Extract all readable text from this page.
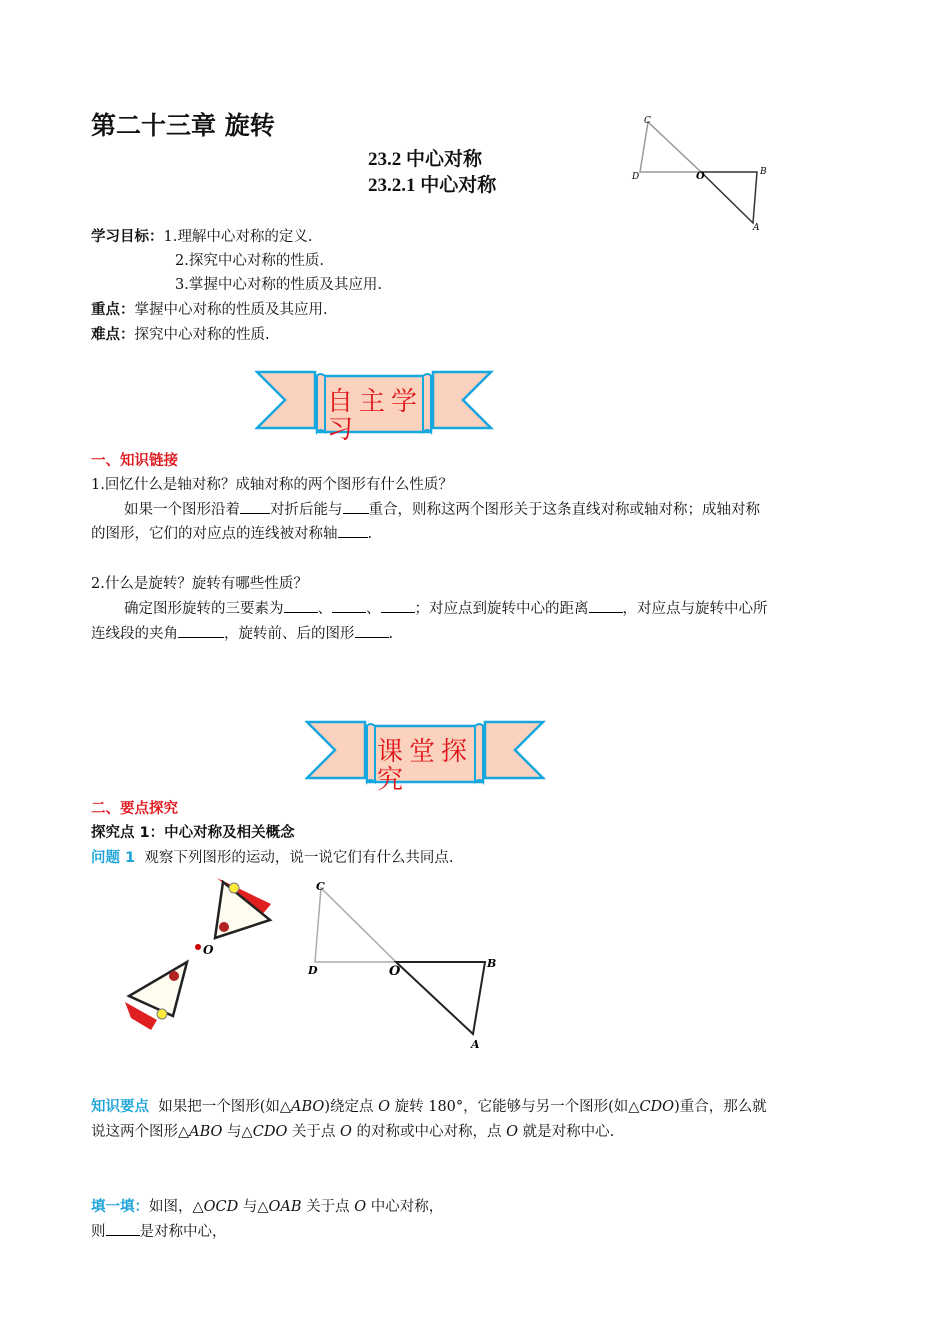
第二十三章 旋转
23.2 中心对称
23.2.1 中心对称
C
D	O	B
A
学习目标：1.理解中心对称的定义.
2.探究中心对称的性质.
3.掌握中心对称的性质及其应用.
重点：掌握中心对称的性质及其应用.
难点：探究中心对称的性质.
自主学习
一、知识链接
1.回忆什么是轴对称？成轴对称的两个图形有什么性质？
如果一个图形沿着 对折后能与 重合，则称这两个图形关于这条直线对称或轴对称；成轴对称
的图形，它们的对应点的连线被对称轴 .
2.什么是旋转？旋转有哪些性质？
确定图形旋转的三要素为 、 、 ；对应点到旋转中心的距离 ，对应点与旋转中心所
连线段的夹角	，旋转前、后的图形 .
课堂探究
二、要点探究
探究点 1：中心对称及相关概念
问题 1 观察下列图形的运动，说一说它们有什么共同点.
O
C
D	O
B
A
知识要点 如果把一个图形(如△ABO)绕定点 O 旋转 180°，它能够与另一个图形(如△CDO)重合，那么就
说这两个图形△ABO 与△CDO 关于点 O 的对称或中心对称，点 O 就是对称中心.
填一填：如图，△OCD 与△OAB 关于点 O 中心对称，
则 是对称中心，
